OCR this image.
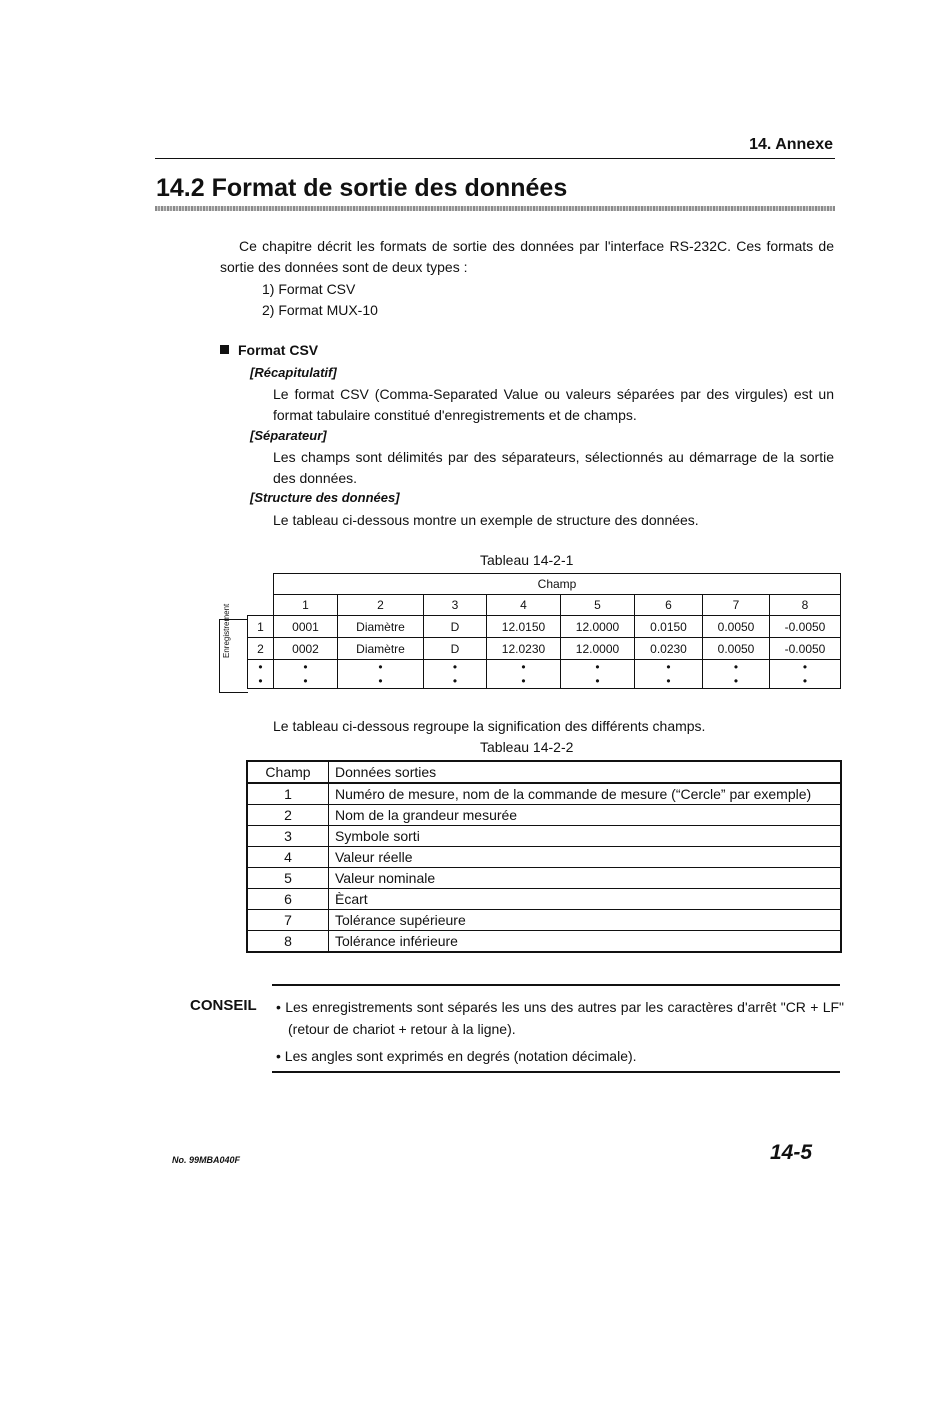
14. Annexe
14.2 Format de sortie des données
Ce chapitre décrit les formats de sortie des données par l'interface RS-232C. Ces formats de sortie des données sont de deux types :
1) Format CSV
2) Format MUX-10
Format CSV
[Récapitulatif]
Le format CSV (Comma-Separated Value ou valeurs séparées par des virgules) est un format tabulaire constitué d'enregistrements et de champs.
[Séparateur]
Les champs sont délimités par des séparateurs, sélectionnés au démarrage de la sortie des données.
[Structure des données]
Le tableau ci-dessous montre un exemple de structure des données.
Tableau 14-2-1
Enregistrement
	Champ							
	1	2	3	4	5	6	7	8
1	0001	Diamètre	D	12.0150	12.0000	0.0150	0.0050	-0.0050
2	0002	Diamètre	D	12.0230	12.0000	0.0230	0.0050	-0.0050
•	•	•	•	•	•	•	•	•
•	•	•	•	•	•	•	•	•
Le tableau ci-dessous regroupe la signification des différents champs.
Tableau 14-2-2
Champ	Données sorties
1	Numéro de mesure, nom de la commande de mesure (“Cercle” par exemple)
2	Nom de la grandeur mesurée
3	Symbole sorti
4	Valeur réelle
5	Valeur nominale
6	Ècart
7	Tolérance supérieure
8	Tolérance inférieure
CONSEIL • Les enregistrements sont séparés les uns des autres par les caractères d'arrêt "CR + LF" (retour de chariot + retour à la ligne).
• Les angles sont exprimés en degrés (notation décimale).
No. 99MBA040F	14-5
